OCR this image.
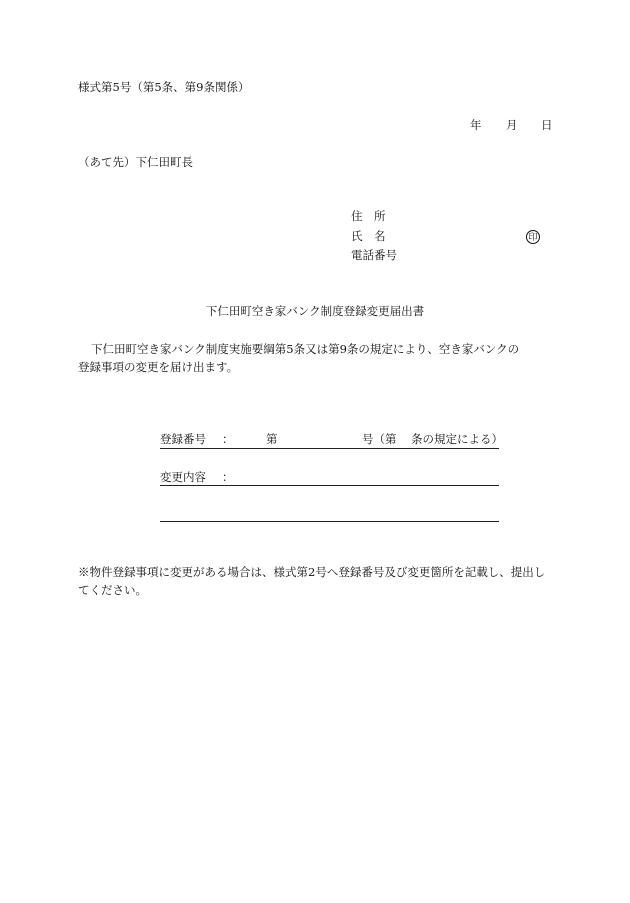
様式第5号（第5条、第9条関係）
年 月 日
（あて先）下仁田町長
住　所
氏　名	印
電話番号
下仁田町空き家バンク制度登録変更届出書
下仁田町空き家バンク制度実施要綱第5条又は第9条の規定により、空き家バンクの
登録事項の変更を届け出ます。
登録番号 ：	第	号（第 条の規定による）
変更内容 ：
※物件登録事項に変更がある場合は、様式第2号へ登録番号及び変更箇所を記載し、提出し
てください。
